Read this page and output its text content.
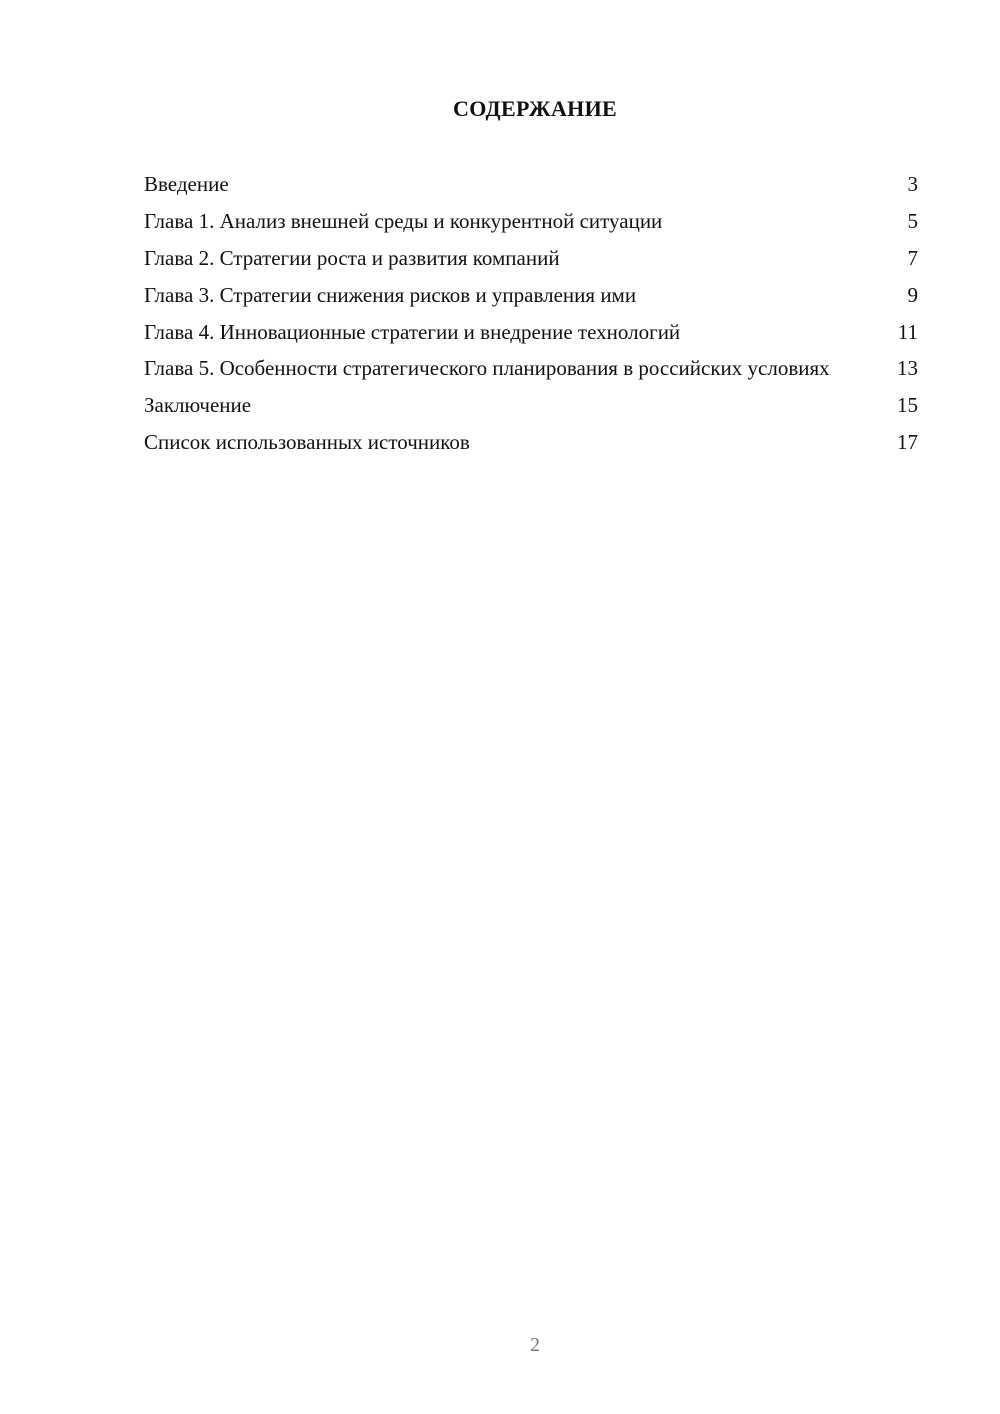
СОДЕРЖАНИЕ
Введение	3
Глава 1. Анализ внешней среды и конкурентной ситуации	5
Глава 2. Стратегии роста и развития компаний	7
Глава 3. Стратегии снижения рисков и управления ими	9
Глава 4. Инновационные стратегии и внедрение технологий	11
Глава 5. Особенности стратегического планирования в российских условиях	13
Заключение	15
Список использованных источников	17
2
